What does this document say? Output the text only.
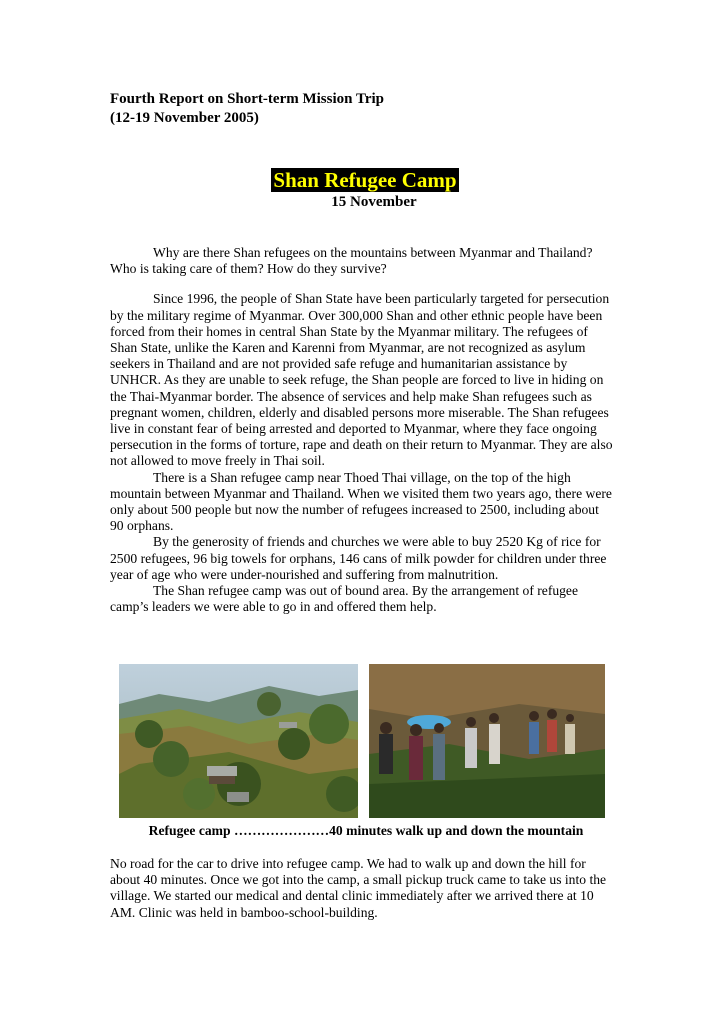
Fourth Report on Short-term Mission Trip
(12-19 November 2005)
Shan Refugee Camp
15 November

Why are there Shan refugees on the mountains between Myanmar and Thailand? Who is taking care of them? How do they survive?

Since 1996, the people of Shan State have been particularly targeted for persecution by the military regime of Myanmar. Over 300,000 Shan and other ethnic people have been forced from their homes in central Shan State by the Myanmar military. The refugees of Shan State, unlike the Karen and Karenni from Myanmar, are not recognized as asylum seekers in Thailand and are not provided safe refuge and humanitarian assistance by UNHCR. As they are unable to seek refuge, the Shan people are forced to live in hiding on the Thai-Myanmar border. The absence of services and help make Shan refugees such as pregnant women, children, elderly and disabled persons more miserable. The Shan refugees live in constant fear of being arrested and deported to Myanmar, where they face ongoing persecution in the forms of torture, rape and death on their return to Myanmar. They are also not allowed to move freely in Thai soil.

There is a Shan refugee camp near Thoed Thai village, on the top of the high mountain between Myanmar and Thailand. When we visited them two years ago, there were only about 500 people but now the number of refugees increased to 2500, including about 90 orphans.

By the generosity of friends and churches we were able to buy 2520 Kg of rice for 2500 refugees, 96 big towels for orphans, 146 cans of milk powder for children under three year of age who were under-nourished and suffering from malnutrition.

The Shan refugee camp was out of bound area. By the arrangement of refugee camp’s leaders we were able to go in and offered them help.

Refugee camp …………………40 minutes walk up and down the mountain

No road for the car to drive into refugee camp. We had to walk up and down the hill for about 40 minutes. Once we got into the camp, a small pickup truck came to take us into the village. We started our medical and dental clinic immediately after we arrived there at 10 AM. Clinic was held in bamboo-school-building.
